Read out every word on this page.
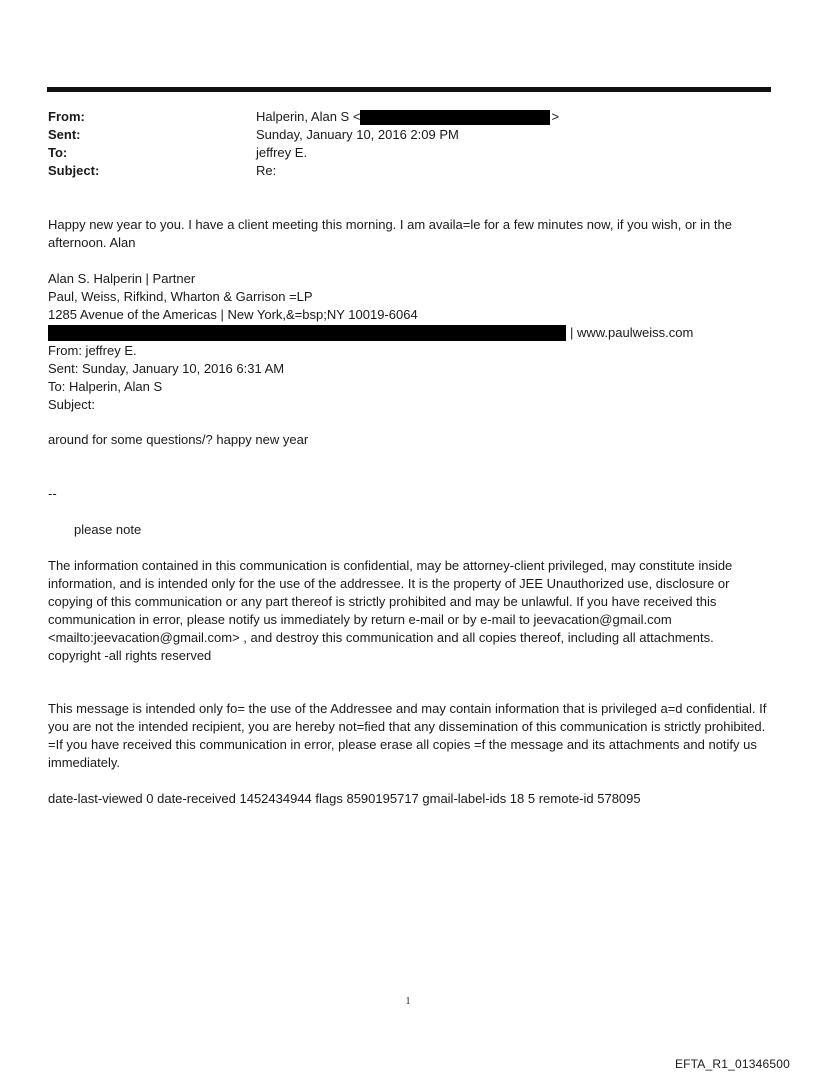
From:	Halperin, Alan S <	>
Sent:	Sunday, January 10, 2016 2:09 PM
To:	jeffrey E.
Subject:	Re:
Happy new year to you. I have a client meeting this morning. I am availa=le for a few minutes now, if you wish, or in the afternoon. Alan
Alan S. Halperin | Partner
Paul, Weiss, Rifkind, Wharton & Garrison =LP
1285 Avenue of the Americas | New York,&=bsp;NY 10019-6064
| www.paulweiss.com
From: jeffrey E.
Sent: Sunday, January 10, 2016 6:31 AM
To: Halperin, Alan S
Subject:
around for some questions/? happy new year
--
please note
The information contained in this communication is confidential, may be attorney-client privileged, may constitute inside information, and is intended only for the use of the addressee. It is the property of JEE Unauthorized use, disclosure or copying of this communication or any part thereof is strictly prohibited and may be unlawful. If you have received this communication in error, please notify us immediately by return e-mail or by e-mail to jeevacation@gmail.com <mailto:jeevacation@gmail.com> , and destroy this communication and all copies thereof, including all attachments. copyright -all rights reserved
This message is intended only fo= the use of the Addressee and may contain information that is privileged a=d confidential. If you are not the intended recipient, you are hereby not=fied that any dissemination of this communication is strictly prohibited. =If you have received this communication in error, please erase all copies =f the message and its attachments and notify us immediately.
date-last-viewed 0 date-received 1452434944 flags 8590195717 gmail-label-ids 18 5 remote-id 578095
1
EFTA_R1_01346500
